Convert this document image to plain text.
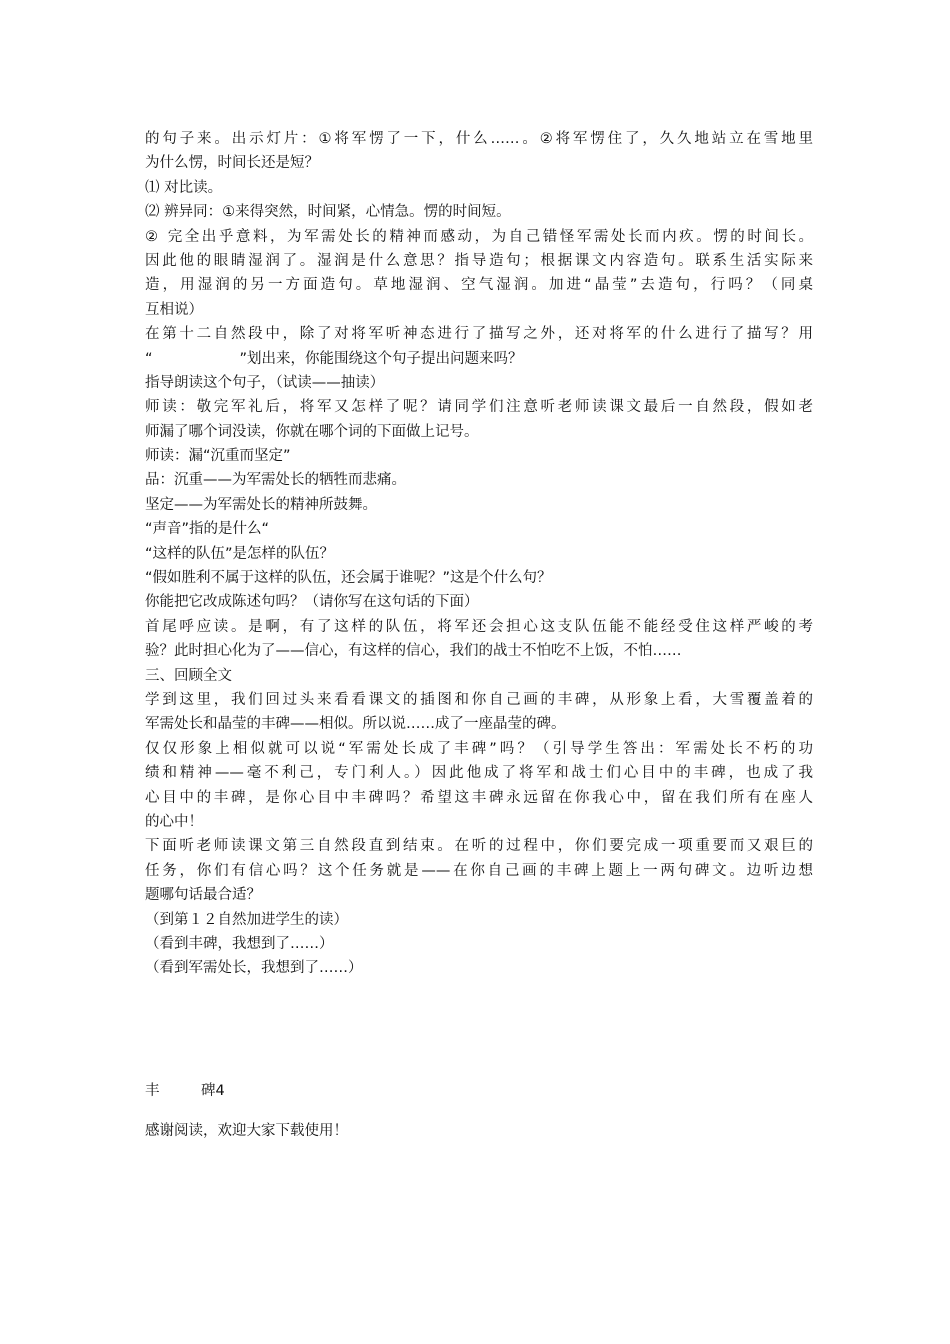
的句子来。出示灯片：①将军愣了一下，什么……。②将军愣住了，久久地站立在雪地里
为什么愣，时间长还是短？
⑴ 对比读。
⑵ 辨异同：①来得突然，时间紧，心情急。愣的时间短。
② 完全出乎意料，为军需处长的精神而感动，为自己错怪军需处长而内疚。愣的时间长。
因此他的眼睛湿润了。湿润是什么意思？指导造句；根据课文内容造句。联系生活实际来
造，用湿润的另一方面造句。草地湿润、空气湿润。加进“晶莹”去造句，行吗？（同桌
互相说）
在第十二自然段中，除了对将军听神态进行了描写之外，还对将军的什么进行了描写？用
“　　　　　　”划出来，你能围绕这个句子提出问题来吗？
指导朗读这个句子，（试读——抽读）
师读：敬完军礼后，将军又怎样了呢？请同学们注意听老师读课文最后一自然段，假如老
师漏了哪个词没读，你就在哪个词的下面做上记号。
师读：漏“沉重而坚定”
品：沉重——为军需处长的牺牲而悲痛。
坚定——为军需处长的精神所鼓舞。
“声音”指的是什么“
“这样的队伍”是怎样的队伍？
“假如胜利不属于这样的队伍，还会属于谁呢？”这是个什么句？
你能把它改成陈述句吗？（请你写在这句话的下面）
首尾呼应读。是啊，有了这样的队伍，将军还会担心这支队伍能不能经受住这样严峻的考
验？此时担心化为了——信心，有这样的信心，我们的战士不怕吃不上饭，不怕……
三、回顾全文
学到这里，我们回过头来看看课文的插图和你自己画的丰碑，从形象上看，大雪覆盖着的
军需处长和晶莹的丰碑——相似。所以说……成了一座晶莹的碑。
仅仅形象上相似就可以说“军需处长成了丰碑”吗？（引导学生答出：军需处长不朽的功
绩和精神——毫不利己，专门利人。）因此他成了将军和战士们心目中的丰碑，也成了我
心目中的丰碑，是你心目中丰碑吗？希望这丰碑永远留在你我心中，留在我们所有在座人
的心中！
下面听老师读课文第三自然段直到结束。在听的过程中，你们要完成一项重要而又艰巨的
任务，你们有信心吗？这个任务就是——在你自己画的丰碑上题上一两句碑文。边听边想
题哪句话最合适？
（到第１２自然加进学生的读）
（看到丰碑，我想到了……）
（看到军需处长，我想到了……）
丰	碑4
感谢阅读，欢迎大家下载使用！
